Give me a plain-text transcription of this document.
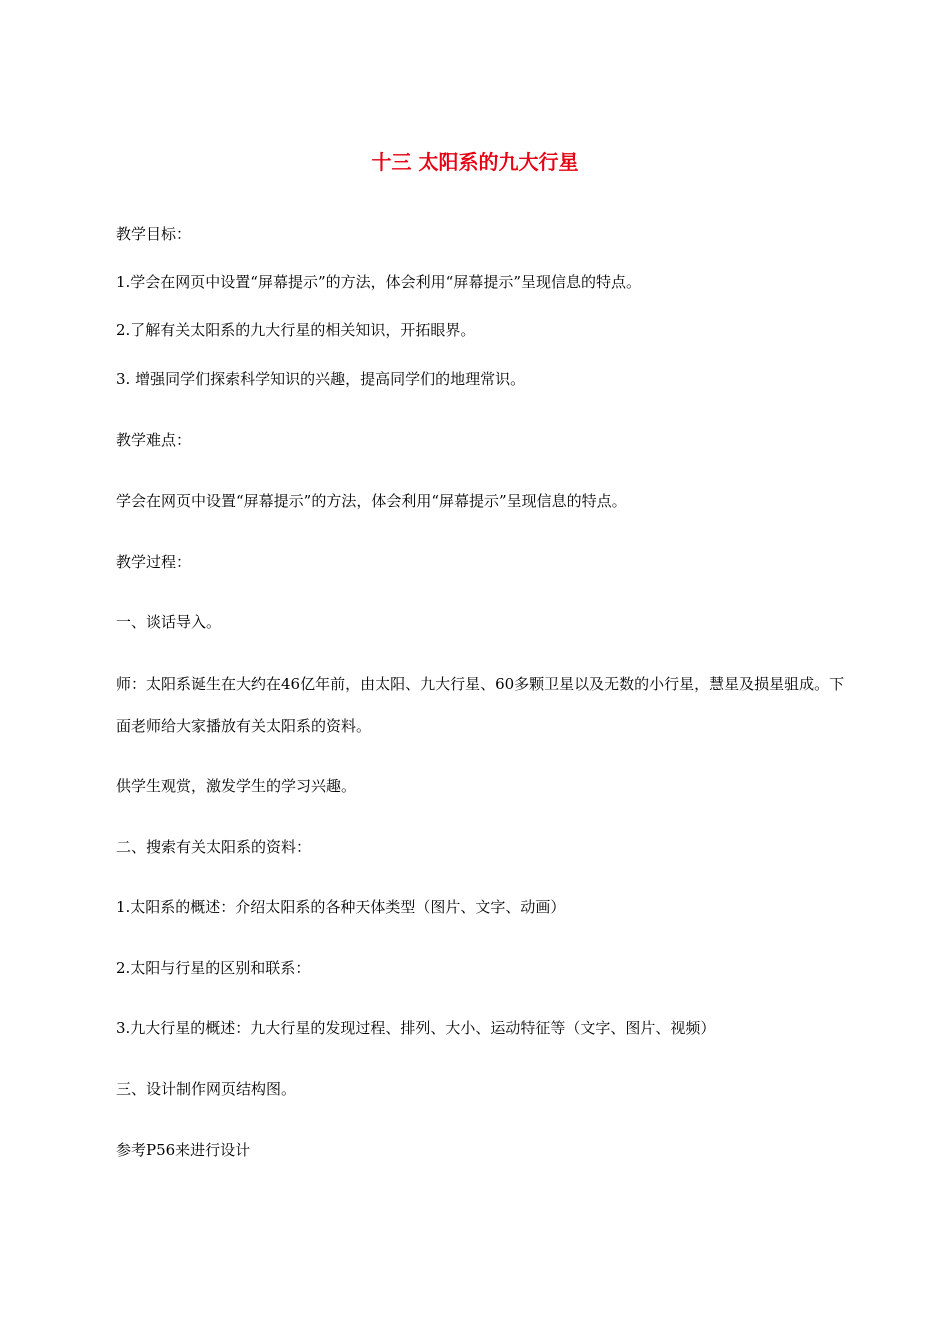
十三 太阳系的九大行星
教学目标：
1.学会在网页中设置“屏幕提示”的方法，体会利用“屏幕提示”呈现信息的特点。
2.了解有关太阳系的九大行星的相关知识，开拓眼界。
3. 增强同学们探索科学知识的兴趣，提高同学们的地理常识。
教学难点：
学会在网页中设置“屏幕提示”的方法，体会利用“屏幕提示”呈现信息的特点。
教学过程：
一、谈话导入。
师：太阳系诞生在大约在46亿年前，由太阳、九大行星、60多颗卫星以及无数的小行星，慧星及损星驵成。下面老师给大家播放有关太阳系的资料。
供学生观赏，激发学生的学习兴趣。
二、搜索有关太阳系的资料：
1.太阳系的概述：介绍太阳系的各种天体类型（图片、文字、动画）
2.太阳与行星的区别和联系：
3.九大行星的概述：九大行星的发现过程、排列、大小、运动特征等（文字、图片、视频）
三、设计制作网页结构图。
参考P56来进行设计
